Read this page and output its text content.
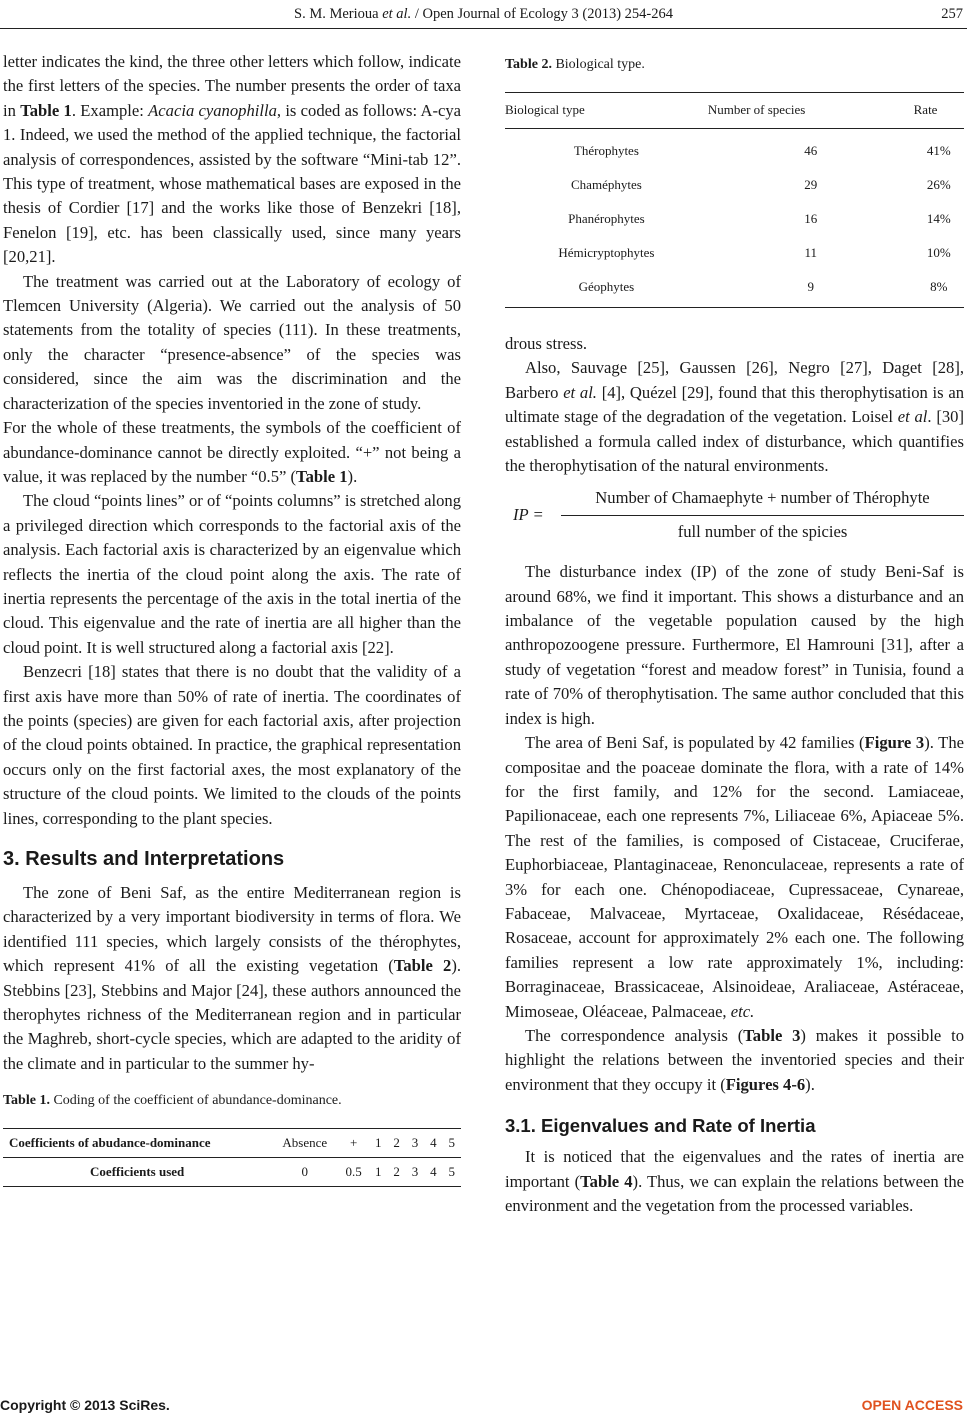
S. M. Merioua et al. / Open Journal of Ecology 3 (2013) 254-264	257

letter indicates the kind, the three other letters which follow, indicate the first letters of the species. The number presents the order of taxa in Table 1. Example: Acacia cyanophilla, is coded as follows: A-cya 1. Indeed, we used the method of the applied technique, the factorial analysis of correspondences, assisted by the software “Mini-tab 12”. This type of treatment, whose mathematical bases are exposed in the thesis of Cordier [17] and the works like those of Benzekri [18], Fenelon [19], etc. has been classically used, since many years [20,21].

The treatment was carried out at the Laboratory of ecology of Tlemcen University (Algeria). We carried out the analysis of 50 statements from the totality of species (111). In these treatments, only the character “presence-absence” of the species was considered, since the aim was the discrimination and the characterization of the species inventoried in the zone of study.

For the whole of these treatments, the symbols of the coefficient of abundance-dominance cannot be directly exploited. “+” not being a value, it was replaced by the number “0.5” (Table 1).

The cloud “points lines” or of “points columns” is stretched along a privileged direction which corresponds to the factorial axis of the analysis. Each factorial axis is characterized by an eigenvalue which reflects the inertia of the cloud point along the axis. The rate of inertia represents the percentage of the axis in the total inertia of the cloud. This eigenvalue and the rate of inertia are all higher than the cloud point. It is well structured along a factorial axis [22].

Benzecri [18] states that there is no doubt that the validity of a first axis have more than 50% of rate of inertia. The coordinates of the points (species) are given for each factorial axis, after projection of the cloud points obtained. In practice, the graphical representation occurs only on the first factorial axes, the most explanatory of the structure of the cloud points. We limited to the clouds of the points lines, corresponding to the plant species.

3. Results and Interpretations

The zone of Beni Saf, as the entire Mediterranean region is characterized by a very important biodiversity in terms of flora. We identified 111 species, which largely consists of the thérophytes, which represent 41% of all the existing vegetation (Table 2). Stebbins [23], Stebbins and Major [24], these authors announced the therophytes richness of the Mediterranean region and in particular the Maghreb, short-cycle species, which are adapted to the aridity of the climate and in particular to the summer hy-

Table 1. Coding of the coefficient of abundance-dominance.
Coefficients of abudance-dominance	Absence	+	1	2	3	4	5
Coefficients used	0	0.5	1	2	3	4	5
Table 2. Biological type.
Biological type	Number of species	Rate
Thérophytes	46	41%
Chaméphytes	29	26%
Phanérophytes	16	14%
Hémicryptophytes	11	10%
Géophytes	9	8%

drous stress.

Also, Sauvage [25], Gaussen [26], Negro [27], Daget [28], Barbero et al. [4], Quézel [29], found that this therophytisation is an ultimate stage of the degradation of the vegetation. Loisel et al. [30] established a formula called index of disturbance, which quantifies the therophytisation of the natural environments.

IP =	$\frac{\text{Number of Chamaephyte + number of Thérophyte}}{\text{full number of the spicies}}$

The disturbance index (IP) of the zone of study Beni-Saf is around 68%, we find it important. This shows a disturbance and an imbalance of the vegetable population caused by the high anthropozoogene pressure. Furthermore, El Hamrouni [31], after a study of vegetation “forest and meadow forest” in Tunisia, found a rate of 70% of therophytisation. The same author concluded that this index is high.

The area of Beni Saf, is populated by 42 families (Figure 3). The compositae and the poaceae dominate the flora, with a rate of 14% for the first family, and 12% for the second. Lamiaceae, Papilionaceae, each one represents 7%, Liliaceae 6%, Apiaceae 5%. The rest of the families, is composed of Cistaceae, Cruciferae, Euphorbiaceae, Plantaginaceae, Renonculaceae, represents a rate of 3% for each one. Chénopodiaceae, Cupressaceae, Cynareae, Fabaceae, Malvaceae, Myrtaceae, Oxalidaceae, Résédaceae, Rosaceae, account for approximately 2% each one. The following families represent a low rate approximately 1%, including: Borraginaceae, Brassicaceae, Alsinoideae, Araliaceae, Astéraceae, Mimoseae, Oléaceae, Palmaceae, etc.

The correspondence analysis (Table 3) makes it possible to highlight the relations between the inventoried species and their environment that they occupy it (Figures 4-6).

3.1. Eigenvalues and Rate of Inertia

It is noticed that the eigenvalues and the rates of inertia are important (Table 4). Thus, we can explain the relations between the environment and the vegetation from the processed variables.

Copyright © 2013 SciRes.	OPEN ACCESS
